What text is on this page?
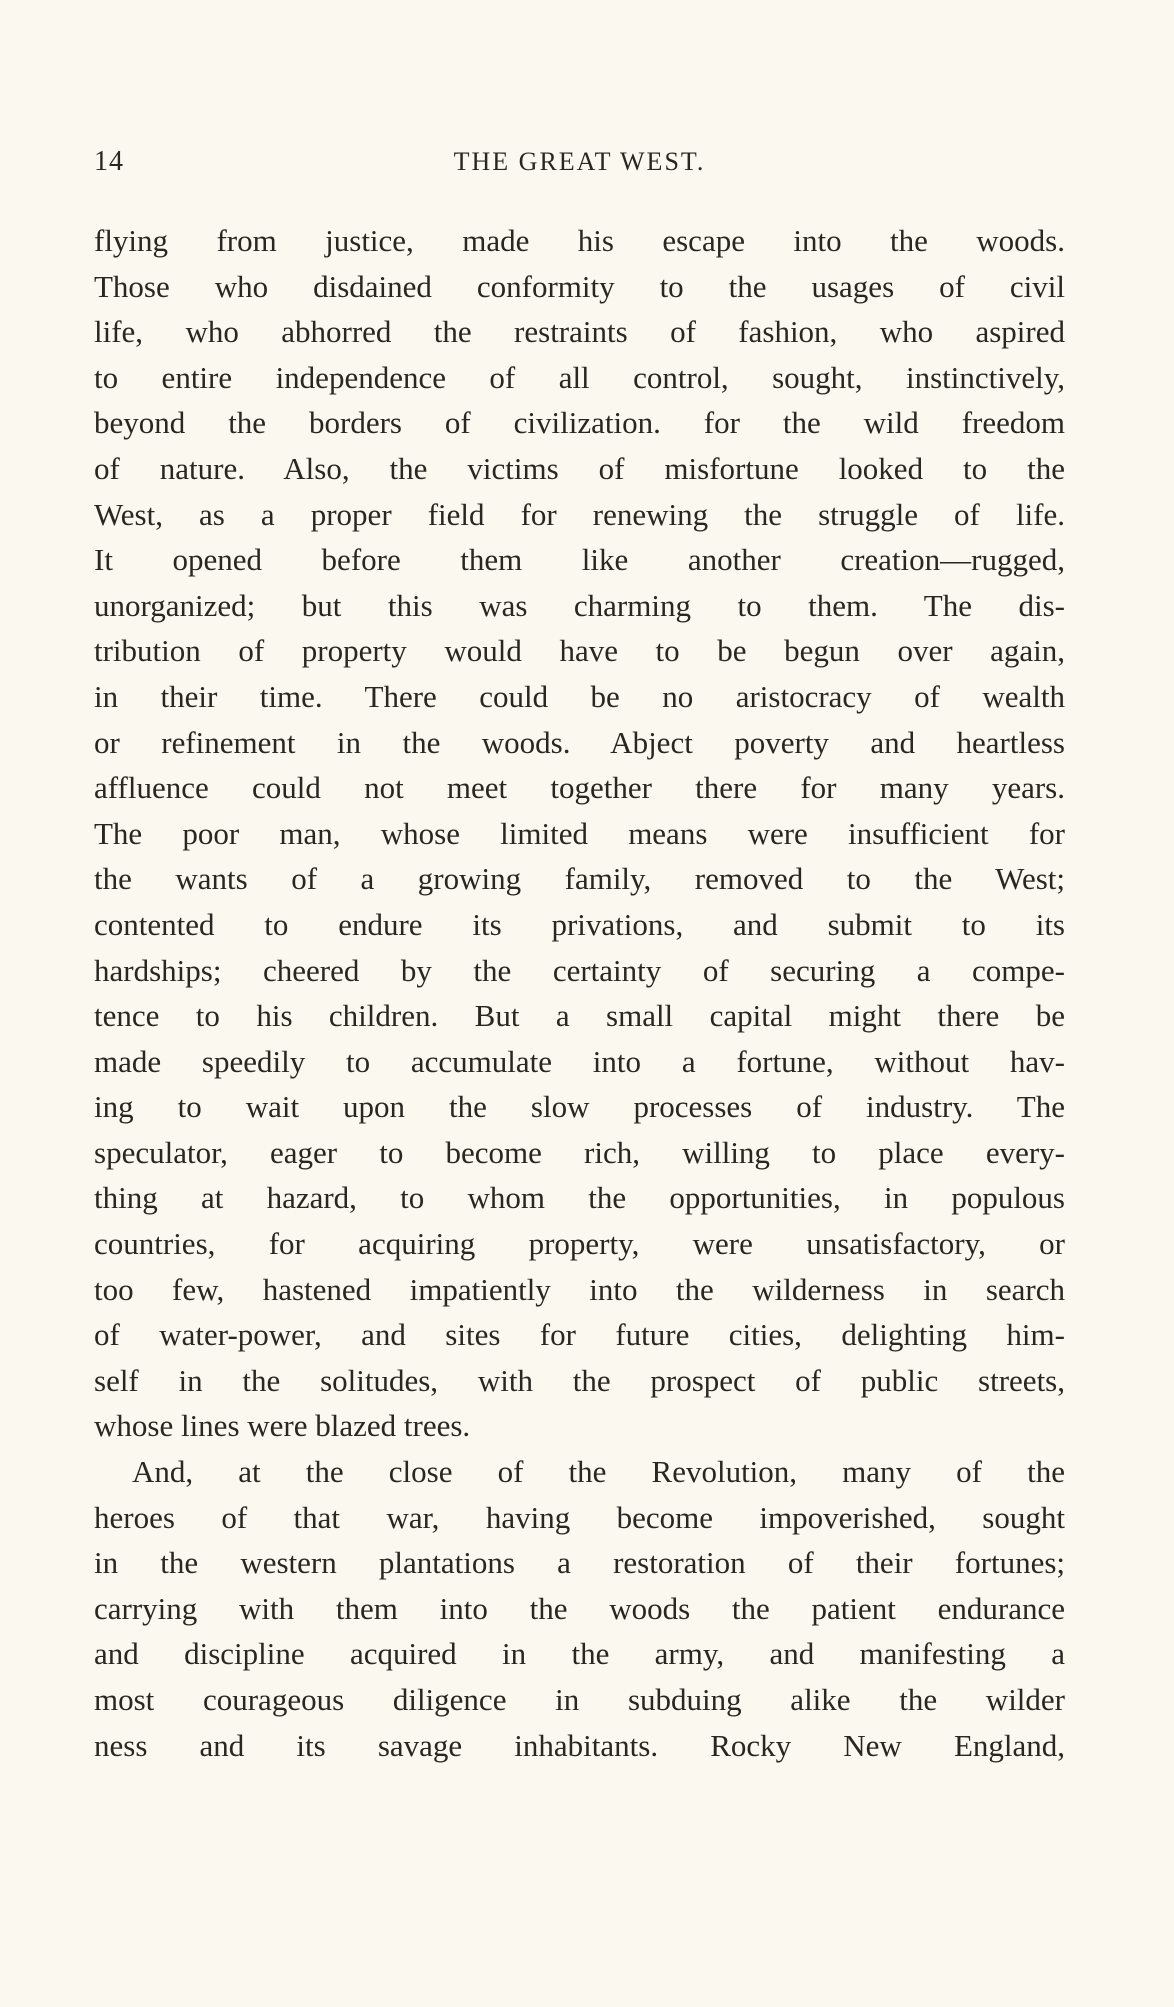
14	THE GREAT WEST.
flying from justice, made his escape into the woods.
Those who disdained conformity to the usages of civil
life, who abhorred the restraints of fashion, who aspired
to entire independence of all control, sought, instinctively,
beyond the borders of civilization. for the wild freedom
of nature. Also, the victims of misfortune looked to the
West, as a proper field for renewing the struggle of life.
It opened before them like another creation—rugged,
unorganized; but this was charming to them. The dis-
tribution of property would have to be begun over again,
in their time. There could be no aristocracy of wealth
or refinement in the woods. Abject poverty and heartless
affluence could not meet together there for many years.
The poor man, whose limited means were insufficient for
the wants of a growing family, removed to the West;
contented to endure its privations, and submit to its
hardships; cheered by the certainty of securing a compe-
tence to his children. But a small capital might there be
made speedily to accumulate into a fortune, without hav-
ing to wait upon the slow processes of industry. The
speculator, eager to become rich, willing to place every-
thing at hazard, to whom the opportunities, in populous
countries, for acquiring property, were unsatisfactory, or
too few, hastened impatiently into the wilderness in search
of water-power, and sites for future cities, delighting him-
self in the solitudes, with the prospect of public streets,
whose lines were blazed trees.
And, at the close of the Revolution, many of the
heroes of that war, having become impoverished, sought
in the western plantations a restoration of their fortunes;
carrying with them into the woods the patient endurance
and discipline acquired in the army, and manifesting a
most courageous diligence in subduing alike the wilder
ness and its savage inhabitants. Rocky New England,
